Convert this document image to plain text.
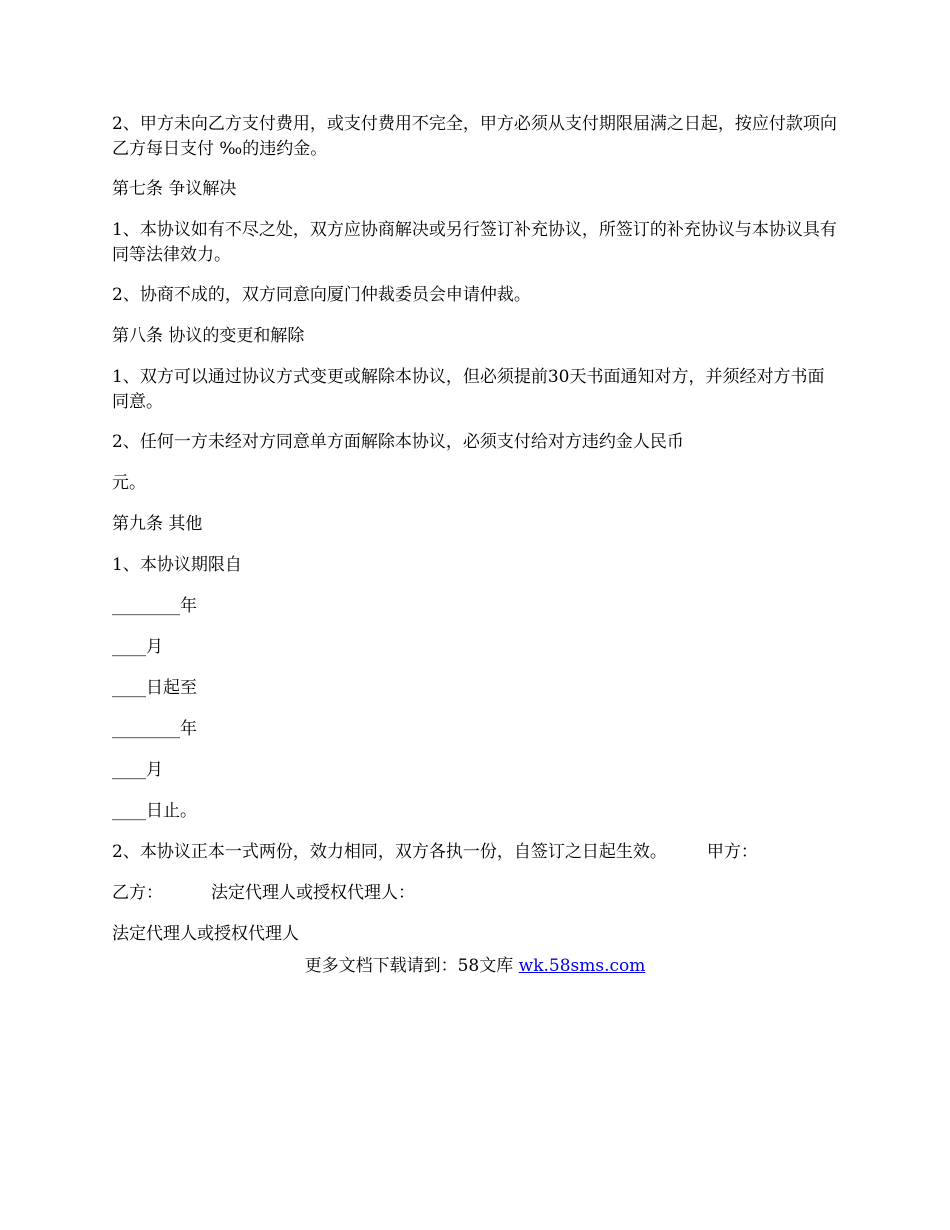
2、甲方未向乙方支付费用，或支付费用不完全，甲方必须从支付期限届满之日起，按应付款项向乙方每日支付 ‰的违约金。

第七条 争议解决

1、本协议如有不尽之处，双方应协商解决或另行签订补充协议，所签订的补充协议与本协议具有同等法律效力。

2、协商不成的，双方同意向厦门仲裁委员会申请仲裁。

第八条 协议的变更和解除

1、双方可以通过协议方式变更或解除本协议，但必须提前30天书面通知对方，并须经对方书面同意。

2、任何一方未经对方同意单方面解除本协议，必须支付给对方违约金人民币

元。

第九条 其他

1、本协议期限自

________年

____月

____日起至

________年

____月

____日止。

2、本协议正本一式两份，效力相同，双方各执一份，自签订之日起生效。 甲方：

乙方：	法定代理人或授权代理人：

法定代理人或授权代理人

更多文档下载请到：58文库 wk.58sms.com
